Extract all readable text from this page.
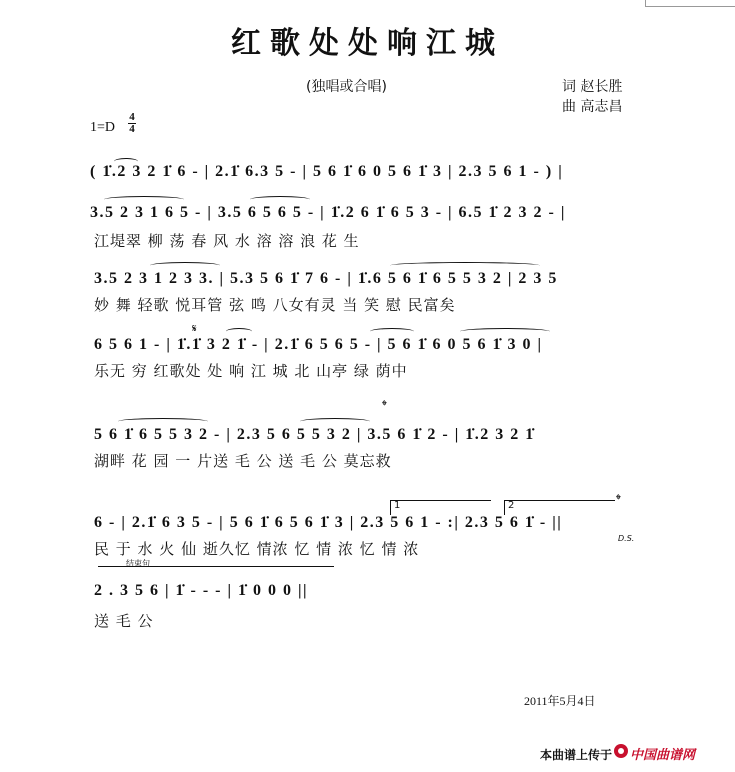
红歌处处响江城
(独唱或合唱)	词 赵长胜
曲 高志昌
1=D
4
4
( 1̇.2 3 2 1̇ 6 - | 2.1̇ 6.3 5 - | 5 6 1̇ 6 0 5 6 1̇ 3 | 2.3 5 6 1 - ) |
3.5 2 3 1 6 5 - | 3.5 6 5 6 5 - | 1̇.2 6 1̇ 6 5 3 - | 6.5 1̇ 2 3 2 - |
江堤翠 柳 荡 春 风 水 溶 溶 浪 花 生
3.5 2 3 1 2 3 3. | 5.3 5 6 1̇ 7 6 - | 1̇.6 5 6 1̇ 6 5 5 3 2 | 2 3 5
妙 舞 轻歌 悦耳管 弦 鸣 八女有灵 当 笑 慰 民富矣
𝄋
6 5 6 1 - | 1̇.1̇ 3 2 1̇ - | 2.1̇ 6 5 6 5 - | 5 6 1̇ 6 0 5 6 1̇ 3 0 |
乐无 穷 红歌处 处 响 江 城 北 山亭 绿 荫中
𝄌
5 6 1̇ 6 5 5 3 2 - | 2.3 5 6 5 5 3 2 | 3.5 6 1̇ 2 - | 1̇.2 3 2 1̇
湖畔 花 园 一 片送 毛 公 送 毛 公 莫忘救
1	2	𝄌
D.S.
6 - | 2.1̇ 6 3 5 - | 5 6 1̇ 6 5 6 1̇ 3 | 2.3 5 6 1 - :| 2.3 5 6 1̇ - ||
民 于 水 火 仙 逝久忆 情浓 忆 情 浓 忆 情 浓
结束句
2 . 3 5 6 | 1̇ - - - | 1̇ 0 0 0 ||
送 毛 公
2011年5月4日
本曲谱上传于 中国曲谱网
